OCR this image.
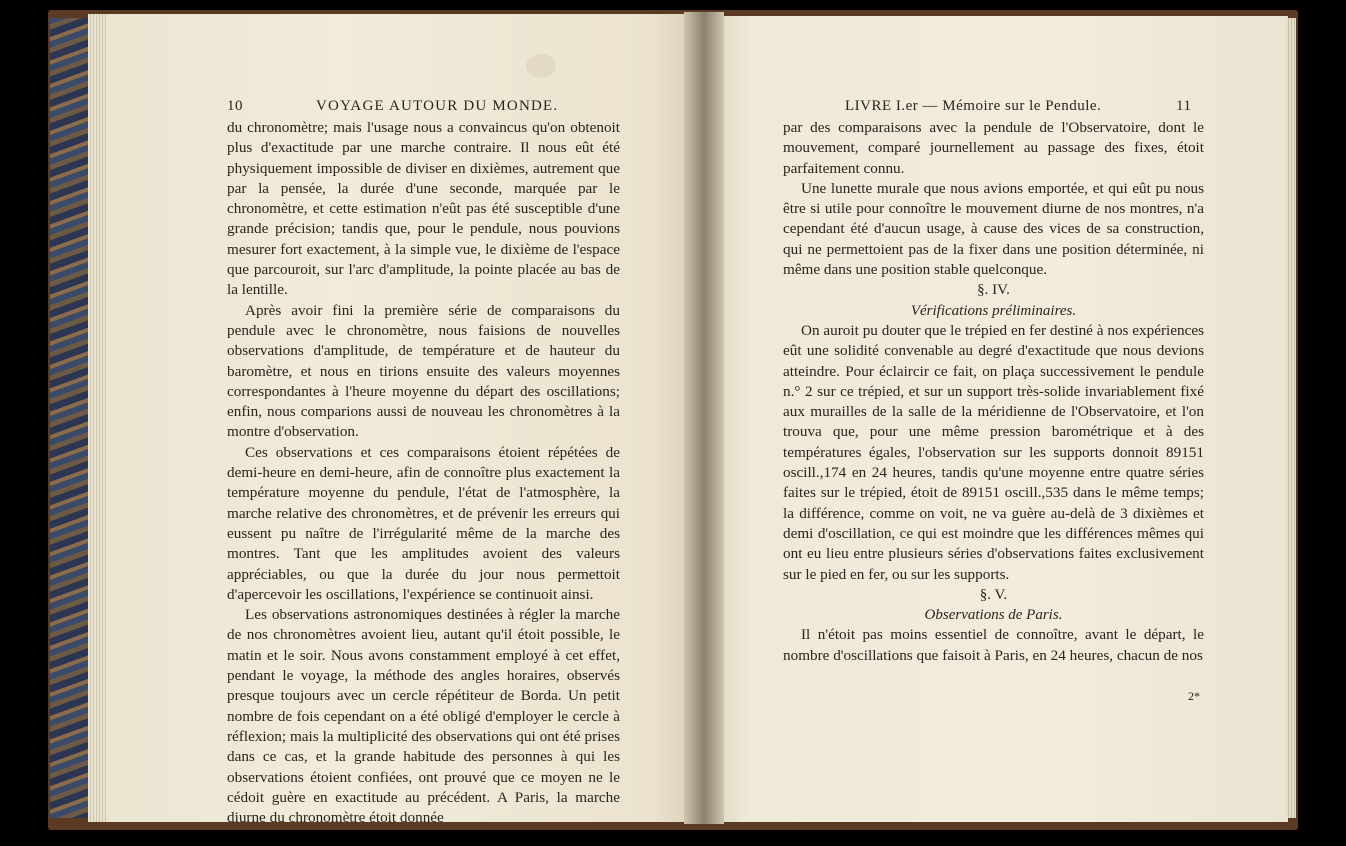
10	VOYAGE AUTOUR DU MONDE.

du chronomètre; mais l'usage nous a convaincus qu'on obtenoit plus d'exactitude par une marche contraire. Il nous eût été physiquement impossible de diviser en dixièmes, autrement que par la pensée, la durée d'une seconde, marquée par le chronomètre, et cette estimation n'eût pas été susceptible d'une grande précision; tandis que, pour le pendule, nous pouvions mesurer fort exactement, à la simple vue, le dixième de l'espace que parcouroit, sur l'arc d'amplitude, la pointe placée au bas de la lentille.

Après avoir fini la première série de comparaisons du pendule avec le chronomètre, nous faisions de nouvelles observations d'amplitude, de température et de hauteur du baromètre, et nous en tirions ensuite des valeurs moyennes correspondantes à l'heure moyenne du départ des oscillations; enfin, nous comparions aussi de nouveau les chronomètres à la montre d'observation.

Ces observations et ces comparaisons étoient répétées de demi-heure en demi-heure, afin de connoître plus exactement la température moyenne du pendule, l'état de l'atmosphère, la marche relative des chronomètres, et de prévenir les erreurs qui eussent pu naître de l'irrégularité même de la marche des montres. Tant que les amplitudes avoient des valeurs appréciables, ou que la durée du jour nous permettoit d'apercevoir les oscillations, l'expérience se continuoit ainsi.

Les observations astronomiques destinées à régler la marche de nos chronomètres avoient lieu, autant qu'il étoit possible, le matin et le soir. Nous avons constamment employé à cet effet, pendant le voyage, la méthode des angles horaires, observés presque toujours avec un cercle répétiteur de Borda. Un petit nombre de fois cependant on a été obligé d'employer le cercle à réflexion; mais la multiplicité des observations qui ont été prises dans ce cas, et la grande habitude des personnes à qui les observations étoient confiées, ont prouvé que ce moyen ne le cédoit guère en exactitude au précédent. A Paris, la marche diurne du chronomètre étoit donnée

LIVRE I.er — Mémoire sur le Pendule.	11

par des comparaisons avec la pendule de l'Observatoire, dont le mouvement, comparé journellement au passage des fixes, étoit parfaitement connu.

Une lunette murale que nous avions emportée, et qui eût pu nous être si utile pour connoître le mouvement diurne de nos montres, n'a cependant été d'aucun usage, à cause des vices de sa construction, qui ne permettoient pas de la fixer dans une position déterminée, ni même dans une position stable quelconque.

§. IV.

Vérifications préliminaires.

On auroit pu douter que le trépied en fer destiné à nos expériences eût une solidité convenable au degré d'exactitude que nous devions atteindre. Pour éclaircir ce fait, on plaça successivement le pendule n.° 2 sur ce trépied, et sur un support très-solide invariablement fixé aux murailles de la salle de la méridienne de l'Observatoire, et l'on trouva que, pour une même pression barométrique et à des températures égales, l'observation sur les supports donnoit 89151 oscill.,174 en 24 heures, tandis qu'une moyenne entre quatre séries faites sur le trépied, étoit de 89151 oscill.,535 dans le même temps; la différence, comme on voit, ne va guère au-delà de 3 dixièmes et demi d'oscillation, ce qui est moindre que les différences mêmes qui ont eu lieu entre plusieurs séries d'observations faites exclusivement sur le pied en fer, ou sur les supports.

§. V.

Observations de Paris.

Il n'étoit pas moins essentiel de connoître, avant le départ, le nombre d'oscillations que faisoit à Paris, en 24 heures, chacun de nos

2*
